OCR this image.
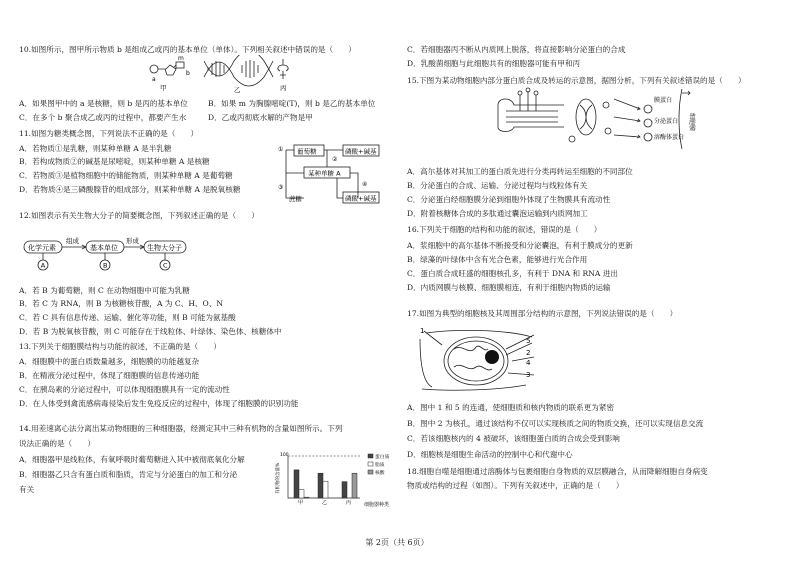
10.如图所示，图甲所示物质 b 是组成乙或丙的基本单位（单体）。下列相关叙述中错误的是（　　）
A．如果图甲中的 a 是核糖，则 b 是丙的基本单位	B．如果 m 为胸腺嘧啶(T)，则 b 是乙的基本单位
C．在多个 b 聚合成乙或丙的过程中，都要产生水	D．乙或丙彻底水解的产物是甲
11.如图为糖类概念图，下列说法不正确的是（　　）
A．若物质①是乳糖，则某种单糖 A 是半乳糖
B．若构成物质②的碱基是尿嘧啶，则某种单糖 A 是核糖
C．若物质③是植物细胞中的储能物质，则某种单糖 A 是葡萄糖
D．若物质④是三磷酸腺苷的组成部分，则某种单糖 A 是脱氧核糖
12.如图表示有关生物大分子的简要概念图，下列叙述正确的是（　　）
A．若 B 为葡萄糖，则 C 在动物细胞中可能为乳糖
B．若 C 为 RNA，则 B 为核糖核苷酸，A 为 C、H、O、N
C．若 C 具有信息传递、运输、催化等功能，则 B 可能为氨基酸
D．若 B 为脱氧核苷酸，则 C 可能存在于线粒体、叶绿体、染色体、核糖体中
13.下列关于细胞膜结构与功能的叙述，不正确的是（　　）
A．细胞膜中的蛋白质数量越多，细胞膜的功能越复杂
B．在精液分泌过程中，体现了细胞膜的信息传递功能
C．在胰岛素的分泌过程中，可以体现细胞膜具有一定的流动性
D．在人体受到禽流感病毒侵染后发生免疫反应的过程中，体现了细胞膜的识别功能
14.用差速离心法分离出某动物细胞的三种细胞器，经测定其中三种有机物的含量如图所示。下列
说法正确的是（　　）
A．细胞器甲是线粒体，有氧呼吸时葡萄糖进入其中被彻底氧化分解
B．细胞器乙只含有蛋白质和脂质，肯定与分泌蛋白的加工和分泌
有关
C．若细胞器丙不断从内质网上脱落，将直接影响分泌蛋白的合成
D．乳酸菌细胞与此细胞共有的细胞器可能有甲和丙
15.下图为某动物细胞内部分蛋白质合成及转运的示意图，据图分析，下列有关叙述错误的是（　　）
A．高尔基体对其加工的蛋白质先进行分类再转运至细胞的不同部位
B．分泌蛋白的合成、运输、分泌过程均与线粒体有关
C．分泌蛋白经细胞膜分泌到细胞外体现了生物膜具有流动性
D．附着核糖体合成的多肽通过囊泡运输到内质网加工
16.下列关于细胞的结构和功能的叙述，错误的是（　　）
A．浆细胞中的高尔基体不断接受和分泌囊泡，有利于膜成分的更新
B．绿藻的叶绿体中含有光合色素，能够进行光合作用
C．蛋白质合成旺盛的细胞核孔多，有利于 DNA 和 RNA 进出
D．内质网膜与核膜、细胞膜相连，有利于细胞内物质的运输
17.如图为典型的细胞核及其周围部分结构的示意图，下列说法错误的是（　　）
A．图中 1 和 5 的连通，使细胞质和核内物质的联系更为紧密
B．图中 2 为核孔，通过该结构不仅可以实现核质之间的物质交换，还可以实现信息交流
C．若该细胞核内的 4 被破坏，该细胞蛋白质的合成会受到影响
D．细胞核是细胞生命活动的控制中心和代谢中心
18.细胞自噬是细胞通过溶酶体与包裹细胞自身物质的双层膜融合，从而降解细胞自身病变
物质或结构的过程（如图）。下列有关叙述中，正确的是（　　）
a
m
b
甲	乙	丙
葡萄糖	磷酸+碱基
某种单糖 A
蔗糖	磷酸+碱基
①
②
③	④
化学元素	基本单位	生物大分子
组成	形成
A	B	C
有机物的含量%
100
细胞器种类
蛋白质
脂质
核酸
甲	乙	丙
膜蛋白
分泌蛋白
溶酶体蛋白
细胞膜
1
2
3
4
5
第 2页（共 6页）
